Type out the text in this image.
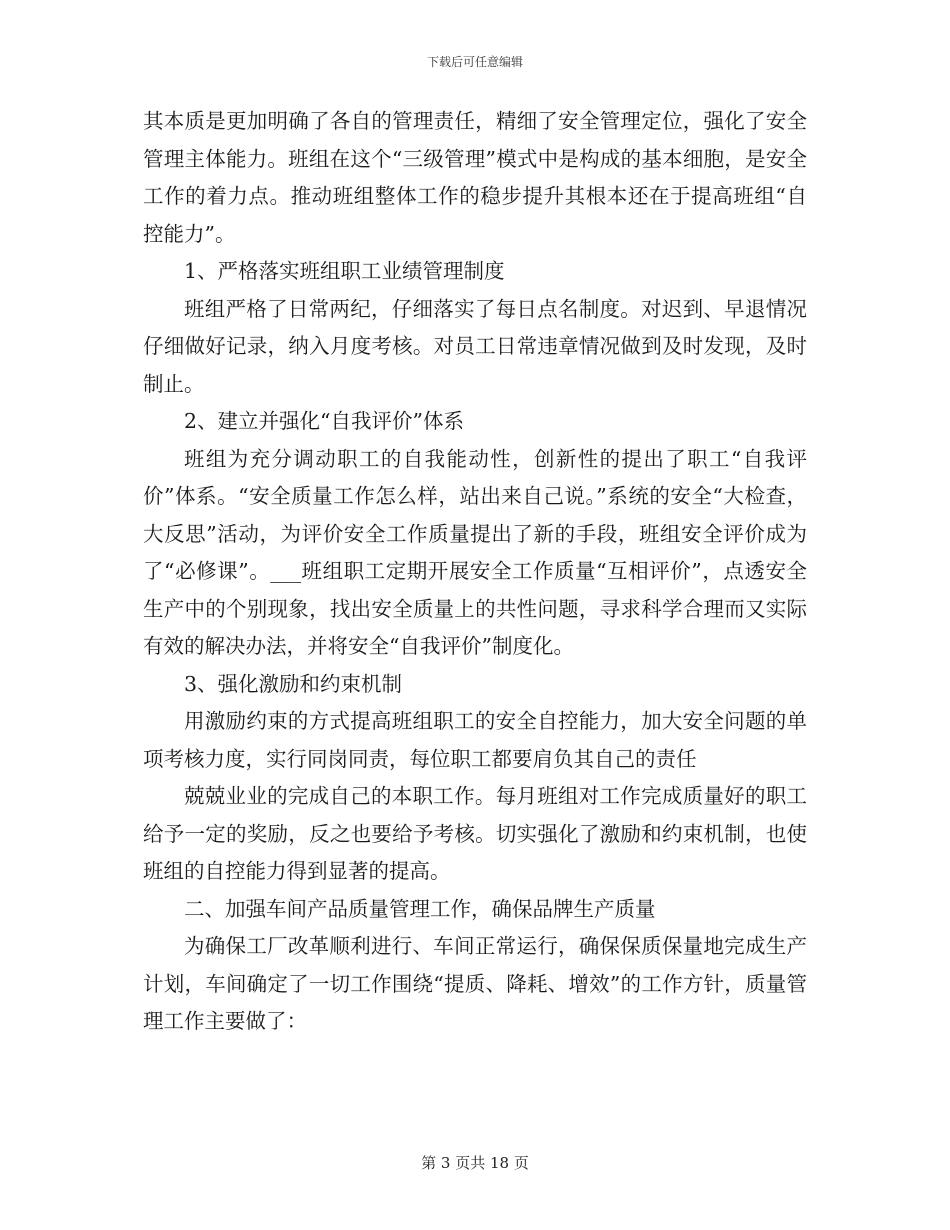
下载后可任意编辑

其本质是更加明确了各自的管理责任，精细了安全管理定位，强化了安全管理主体能力。班组在这个“三级管理”模式中是构成的基本细胞，是安全工作的着力点。推动班组整体工作的稳步提升其根本还在于提高班组“自控能力”。

1、严格落实班组职工业绩管理制度

班组严格了日常两纪，仔细落实了每日点名制度。对迟到、早退情况仔细做好记录，纳入月度考核。对员工日常违章情况做到及时发现，及时制止。

2、建立并强化“自我评价”体系

班组为充分调动职工的自我能动性，创新性的提出了职工“自我评价”体系。“安全质量工作怎么样，站出来自己说。”系统的安全“大检查，大反思”活动，为评价安全工作质量提出了新的手段，班组安全评价成为了“必修课”。___班组职工定期开展安全工作质量“互相评价”，点透安全生产中的个别现象，找出安全质量上的共性问题，寻求科学合理而又实际有效的解决办法，并将安全“自我评价”制度化。

3、强化激励和约束机制

用激励约束的方式提高班组职工的安全自控能力，加大安全问题的单项考核力度，实行同岗同责，每位职工都要肩负其自己的责任

兢兢业业的完成自己的本职工作。每月班组对工作完成质量好的职工给予一定的奖励，反之也要给予考核。切实强化了激励和约束机制，也使班组的自控能力得到显著的提高。

二、加强车间产品质量管理工作，确保品牌生产质量

为确保工厂改革顺利进行、车间正常运行，确保保质保量地完成生产计划，车间确定了一切工作围绕“提质、降耗、增效”的工作方针，质量管理工作主要做了：

第 3 页共 18 页
